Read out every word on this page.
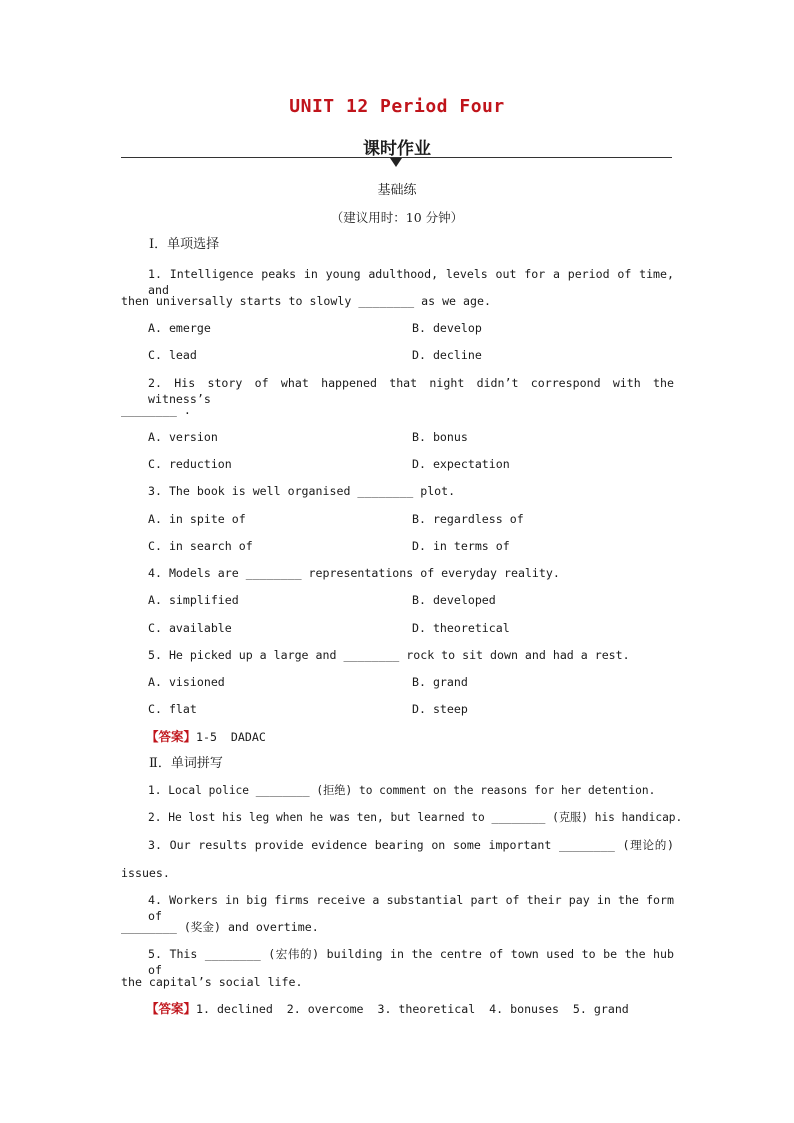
UNIT 12 Period Four
课时作业
基础练
（建议用时：10 分钟）
Ⅰ．单项选择
1. Intelligence peaks in young adulthood, levels out for a period of time, and
then universally starts to slowly ________ as we age.
A. emerge	B. develop
C. lead	D. decline
2. His story of what happened that night didn’t correspond with the witness’s
________ .
A. version	B. bonus
C. reduction	D. expectation
3. The book is well organised ________ plot.
A. in spite of	B. regardless of
C. in search of	D. in terms of
4. Models are ________ representations of everyday reality.
A. simplified	B. developed
C. available	D. theoretical
5. He picked up a large and ________ rock to sit down and had a rest.
A. visioned	B. grand
C. flat	D. steep
【答案】1-5  DADAC
Ⅱ．单词拼写
1. Local police ________ (拒绝) to comment on the reasons for her detention.
2. He lost his leg when he was ten, but learned to ________ (克服) his handicap.
3. Our results provide evidence bearing on some important ________ (理论的)
issues.
4. Workers in big firms receive a substantial part of their pay in the form of
________ (奖金) and overtime.
5. This ________ (宏伟的) building in the centre of town used to be the hub of
the capital’s social life.
【答案】1. declined  2. overcome  3. theoretical  4. bonuses  5. grand
